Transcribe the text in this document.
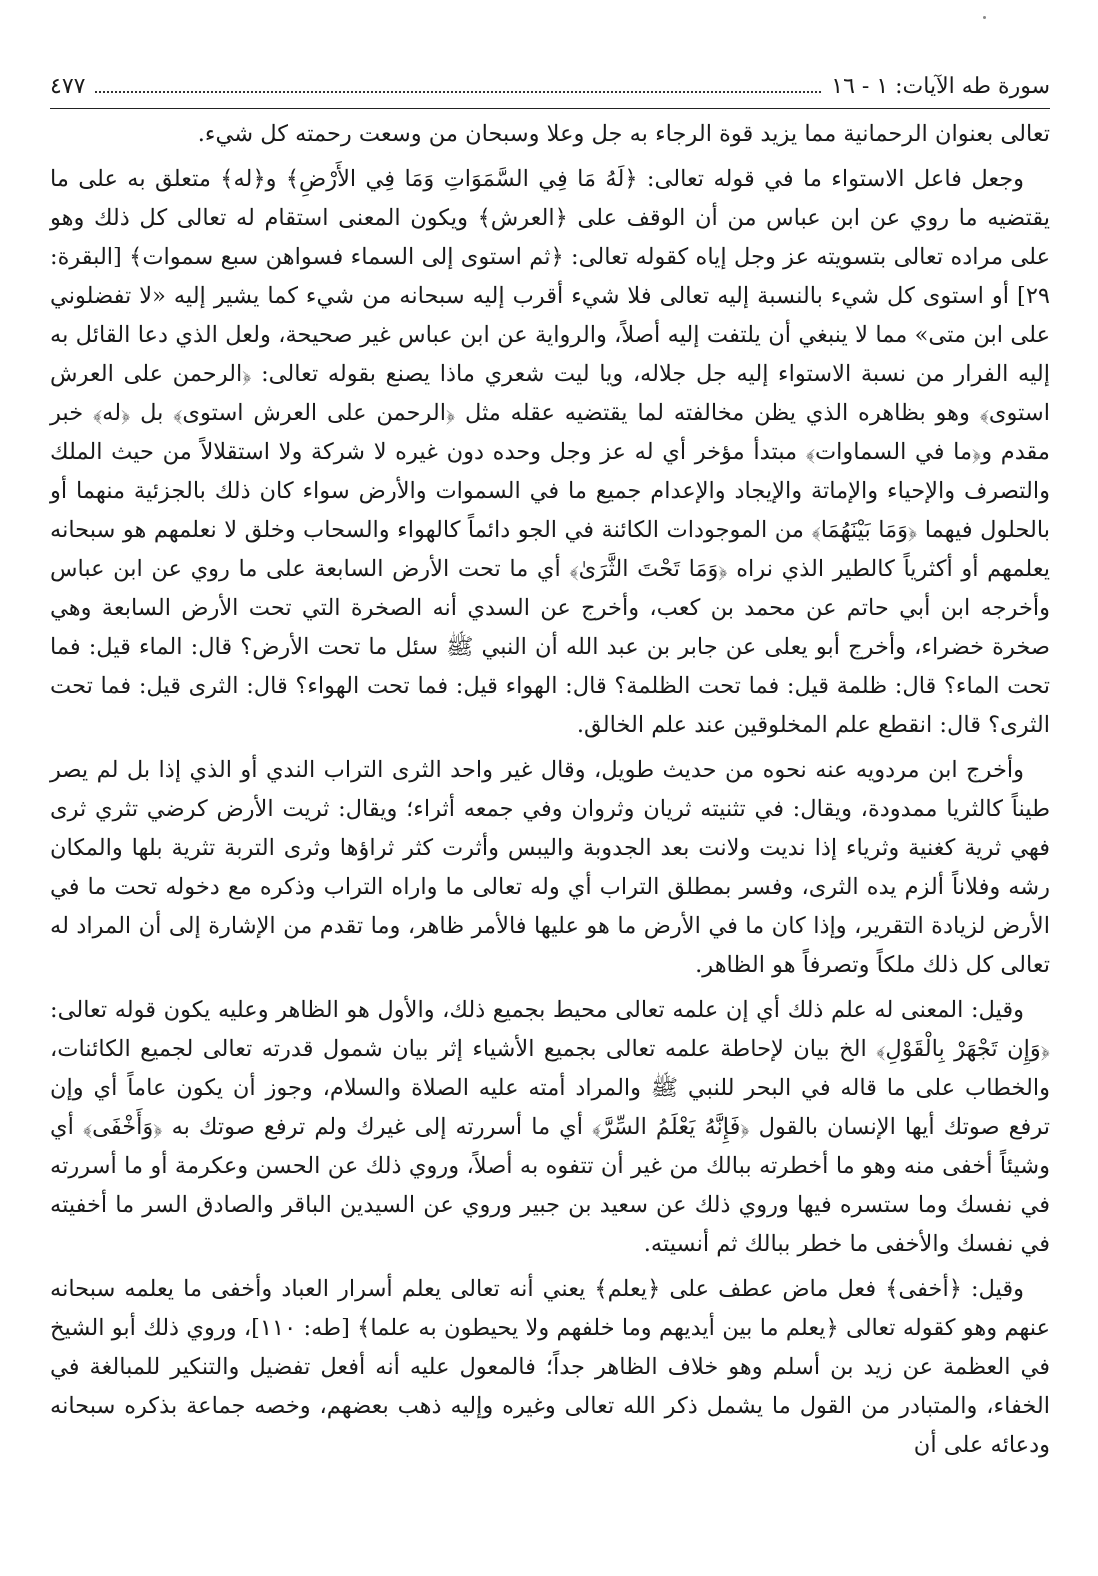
سورة طه الآيات: ١ - ١٦
٤٧٧

تعالى بعنوان الرحمانية مما يزيد قوة الرجاء به جل وعلا وسبحان من وسعت رحمته كل شيء.

وجعل فاعل الاستواء ما في قوله تعالى: ﴿لَهُ مَا فِي السَّمَوَاتِ وَمَا فِي الأَرْضِ﴾ و﴿له﴾ متعلق به على ما يقتضيه ما روي عن ابن عباس من أن الوقف على ﴿العرش﴾ ويكون المعنى استقام له تعالى كل ذلك وهو على مراده تعالى بتسويته عز وجل إياه كقوله تعالى: ﴿ثم استوى إلى السماء فسواهن سبع سموات﴾ [البقرة: ٢٩] أو استوى كل شيء بالنسبة إليه تعالى فلا شيء أقرب إليه سبحانه من شيء كما يشير إليه «لا تفضلوني على ابن متى» مما لا ينبغي أن يلتفت إليه أصلاً، والرواية عن ابن عباس غير صحيحة، ولعل الذي دعا القائل به إليه الفرار من نسبة الاستواء إليه جل جلاله، ويا ليت شعري ماذا يصنع بقوله تعالى: ﴿الرحمن على العرش استوى﴾ وهو بظاهره الذي يظن مخالفته لما يقتضيه عقله مثل ﴿الرحمن على العرش استوى﴾ بل ﴿له﴾ خبر مقدم و﴿ما في السماوات﴾ مبتدأ مؤخر أي له عز وجل وحده دون غيره لا شركة ولا استقلالاً من حيث الملك والتصرف والإحياء والإماتة والإيجاد والإعدام جميع ما في السموات والأرض سواء كان ذلك بالجزئية منهما أو بالحلول فيهما ﴿وَمَا بَيْنَهُمَا﴾ من الموجودات الكائنة في الجو دائماً كالهواء والسحاب وخلق لا نعلمهم هو سبحانه يعلمهم أو أكثرياً كالطير الذي نراه ﴿وَمَا تَحْتَ الثَّرَىٰ﴾ أي ما تحت الأرض السابعة على ما روي عن ابن عباس وأخرجه ابن أبي حاتم عن محمد بن كعب، وأخرج عن السدي أنه الصخرة التي تحت الأرض السابعة وهي صخرة خضراء، وأخرج أبو يعلى عن جابر بن عبد الله أن النبي ﷺ سئل ما تحت الأرض؟ قال: الماء قيل: فما تحت الماء؟ قال: ظلمة قيل: فما تحت الظلمة؟ قال: الهواء قيل: فما تحت الهواء؟ قال: الثرى قيل: فما تحت الثرى؟ قال: انقطع علم المخلوقين عند علم الخالق.

وأخرج ابن مردويه عنه نحوه من حديث طويل، وقال غير واحد الثرى التراب الندي أو الذي إذا بل لم يصر طيناً كالثريا ممدودة، ويقال: في تثنيته ثريان وثروان وفي جمعه أثراء؛ ويقال: ثريت الأرض كرضي تثري ثرى فهي ثرية كغنية وثرياء إذا نديت ولانت بعد الجدوبة واليبس وأثرت كثر ثراؤها وثرى التربة تثرية بلها والمكان رشه وفلاناً ألزم يده الثرى، وفسر بمطلق التراب أي وله تعالى ما واراه التراب وذكره مع دخوله تحت ما في الأرض لزيادة التقرير، وإذا كان ما في الأرض ما هو عليها فالأمر ظاهر، وما تقدم من الإشارة إلى أن المراد له تعالى كل ذلك ملكاً وتصرفاً هو الظاهر.

وقيل: المعنى له علم ذلك أي إن علمه تعالى محيط بجميع ذلك، والأول هو الظاهر وعليه يكون قوله تعالى: ﴿وَإِن تَجْهَرْ بِالْقَوْلِ﴾ الخ بيان لإحاطة علمه تعالى بجميع الأشياء إثر بيان شمول قدرته تعالى لجميع الكائنات، والخطاب على ما قاله في البحر للنبي ﷺ والمراد أمته عليه الصلاة والسلام، وجوز أن يكون عاماً أي وإن ترفع صوتك أيها الإنسان بالقول ﴿فَإِنَّهُ يَعْلَمُ السِّرَّ﴾ أي ما أسررته إلى غيرك ولم ترفع صوتك به ﴿وَأَخْفَى﴾ أي وشيئاً أخفى منه وهو ما أخطرته ببالك من غير أن تتفوه به أصلاً، وروي ذلك عن الحسن وعكرمة أو ما أسررته في نفسك وما ستسره فيها وروي ذلك عن سعيد بن جبير وروي عن السيدين الباقر والصادق السر ما أخفيته في نفسك والأخفى ما خطر ببالك ثم أنسيته.

وقيل: ﴿أخفى﴾ فعل ماض عطف على ﴿يعلم﴾ يعني أنه تعالى يعلم أسرار العباد وأخفى ما يعلمه سبحانه عنهم وهو كقوله تعالى ﴿يعلم ما بين أيديهم وما خلفهم ولا يحيطون به علما﴾ [طه: ١١٠]، وروي ذلك أبو الشيخ في العظمة عن زيد بن أسلم وهو خلاف الظاهر جداً؛ فالمعول عليه أنه أفعل تفضيل والتنكير للمبالغة في الخفاء، والمتبادر من القول ما يشمل ذكر الله تعالى وغيره وإليه ذهب بعضهم، وخصه جماعة بذكره سبحانه ودعائه على أن
